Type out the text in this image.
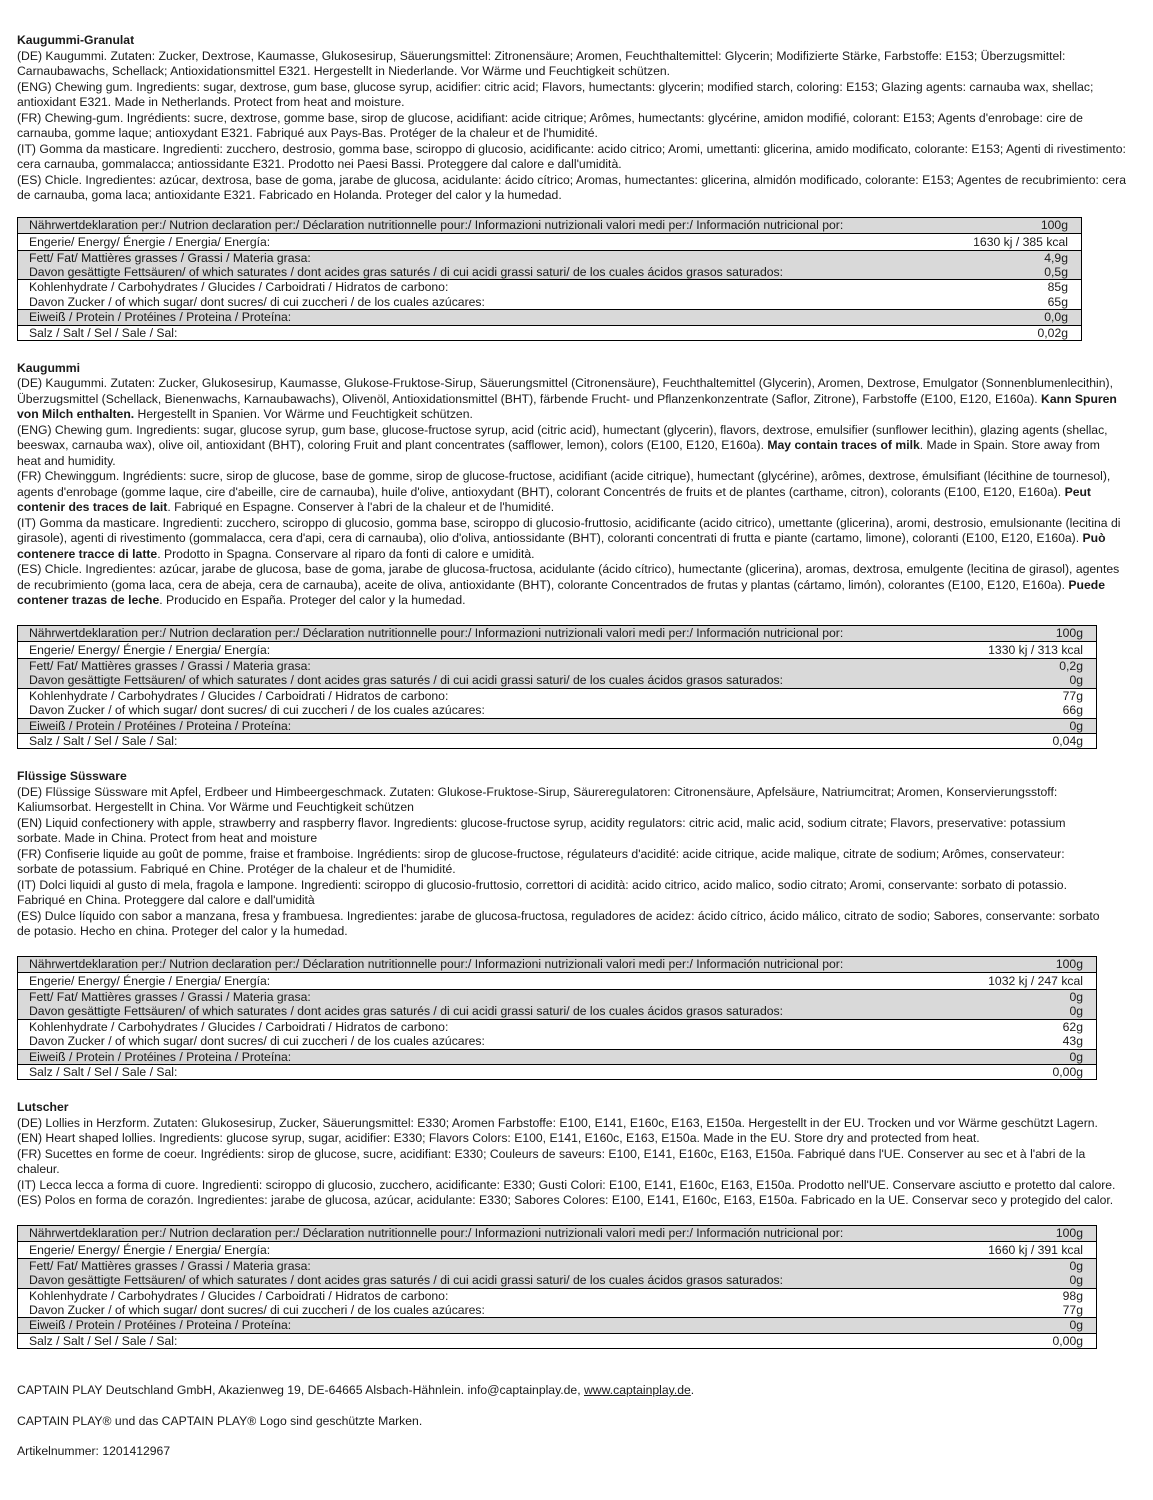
Kaugummi-Granulat

(DE) Kaugummi. Zutaten: Zucker, Dextrose, Kaumasse, Glukosesirup, Säuerungsmittel: Zitronensäure; Aromen, Feuchthaltemittel: Glycerin; Modifizierte Stärke, Farbstoffe: E153; Überzugsmittel: Carnaubawachs, Schellack; Antioxidationsmittel E321. Hergestellt in Niederlande. Vor Wärme und Feuchtigkeit schützen.

(ENG) Chewing gum. Ingredients: sugar, dextrose, gum base, glucose syrup, acidifier: citric acid; Flavors, humectants: glycerin; modified starch, coloring: E153; Glazing agents: carnauba wax, shellac; antioxidant E321. Made in Netherlands. Protect from heat and moisture.

(FR) Chewing-gum. Ingrédients: sucre, dextrose, gomme base, sirop de glucose, acidifiant: acide citrique; Arômes, humectants: glycérine, amidon modifié, colorant: E153; Agents d'enrobage: cire de carnauba, gomme laque; antioxydant E321. Fabriqué aux Pays-Bas. Protéger de la chaleur et de l'humidité.

(IT) Gomma da masticare. Ingredienti: zucchero, destrosio, gomma base, sciroppo di glucosio, acidificante: acido citrico; Aromi, umettanti: glicerina, amido modificato, colorante: E153; Agenti di rivestimento: cera carnauba, gommalacca; antiossidante E321. Prodotto nei Paesi Bassi. Proteggere dal calore e dall'umidità.

(ES) Chicle. Ingredientes: azúcar, dextrosa, base de goma, jarabe de glucosa, acidulante: ácido cítrico; Aromas, humectantes: glicerina, almidón modificado, colorante: E153; Agentes de recubrimiento: cera de carnauba, goma laca; antioxidante E321. Fabricado en Holanda. Proteger del calor y la humedad.

Nährwertdeklaration per:/ Nutrion declaration per:/ Déclaration nutritionnelle pour:/ Informazioni nutrizionali valori medi per:/ Información nutricional por:	100g
Engerie/ Energy/ Énergie / Energia/ Energía:	1630 kj / 385 kcal
Fett/ Fat/ Mattières grasses / Grassi / Materia grasa:	4,9g
Davon gesättigte Fettsäuren/ of which saturates / dont acides gras saturés / di cui acidi grassi saturi/ de los cuales ácidos grasos saturados:	0,5g
Kohlenhydrate / Carbohydrates / Glucides / Carboidrati / Hidratos de carbono:	85g
Davon Zucker / of which sugar/ dont sucres/ di cui zuccheri / de los cuales azúcares:	65g
Eiweiß / Protein / Protéines / Proteina / Proteína:	0,0g
Salz / Salt / Sel / Sale / Sal:	0,02g

Kaugummi

(DE) Kaugummi. Zutaten: Zucker, Glukosesirup, Kaumasse, Glukose-Fruktose-Sirup, Säuerungsmittel (Citronensäure), Feuchthaltemittel (Glycerin), Aromen, Dextrose, Emulgator (Sonnenblumenlecithin), Überzugsmittel (Schellack, Bienenwachs, Karnaubawachs), Olivenöl, Antioxidationsmittel (BHT), färbende Frucht- und Pflanzenkonzentrate (Saflor, Zitrone), Farbstoffe (E100, E120, E160a). Kann Spuren von Milch enthalten. Hergestellt in Spanien. Vor Wärme und Feuchtigkeit schützen.

(ENG) Chewing gum. Ingredients: sugar, glucose syrup, gum base, glucose-fructose syrup, acid (citric acid), humectant (glycerin), flavors, dextrose, emulsifier (sunflower lecithin), glazing agents (shellac, beeswax, carnauba wax), olive oil, antioxidant (BHT), coloring Fruit and plant concentrates (safflower, lemon), colors (E100, E120, E160a). May contain traces of milk. Made in Spain. Store away from heat and humidity.

(FR) Chewinggum. Ingrédients: sucre, sirop de glucose, base de gomme, sirop de glucose-fructose, acidifiant (acide citrique), humectant (glycérine), arômes, dextrose, émulsifiant (lécithine de tournesol), agents d'enrobage (gomme laque, cire d'abeille, cire de carnauba), huile d'olive, antioxydant (BHT), colorant Concentrés de fruits et de plantes (carthame, citron), colorants (E100, E120, E160a). Peut contenir des traces de lait. Fabriqué en Espagne. Conserver à l'abri de la chaleur et de l'humidité.

(IT) Gomma da masticare. Ingredienti: zucchero, sciroppo di glucosio, gomma base, sciroppo di glucosio-fruttosio, acidificante (acido citrico), umettante (glicerina), aromi, destrosio, emulsionante (lecitina di girasole), agenti di rivestimento (gommalacca, cera d'api, cera di carnauba), olio d'oliva, antiossidante (BHT), coloranti concentrati di frutta e piante (cartamo, limone), coloranti (E100, E120, E160a). Può contenere tracce di latte. Prodotto in Spagna. Conservare al riparo da fonti di calore e umidità.

(ES) Chicle. Ingredientes: azúcar, jarabe de glucosa, base de goma, jarabe de glucosa-fructosa, acidulante (ácido cítrico), humectante (glicerina), aromas, dextrosa, emulgente (lecitina de girasol), agentes de recubrimiento (goma laca, cera de abeja, cera de carnauba), aceite de oliva, antioxidante (BHT), colorante Concentrados de frutas y plantas (cártamo, limón), colorantes (E100, E120, E160a). Puede contener trazas de leche. Producido en España. Proteger del calor y la humedad.

Nährwertdeklaration per:/ Nutrion declaration per:/ Déclaration nutritionnelle pour:/ Informazioni nutrizionali valori medi per:/ Información nutricional por:	100g
Engerie/ Energy/ Énergie / Energia/ Energía:	1330 kj / 313 kcal
Fett/ Fat/ Mattières grasses / Grassi / Materia grasa:	0,2g
Davon gesättigte Fettsäuren/ of which saturates / dont acides gras saturés / di cui acidi grassi saturi/ de los cuales ácidos grasos saturados:	0g
Kohlenhydrate / Carbohydrates / Glucides / Carboidrati / Hidratos de carbono:	77g
Davon Zucker / of which sugar/ dont sucres/ di cui zuccheri / de los cuales azúcares:	66g
Eiweiß / Protein / Protéines / Proteina / Proteína:	0g
Salz / Salt / Sel / Sale / Sal:	0,04g

Flüssige Süssware

(DE) Flüssige Süssware mit Apfel, Erdbeer und Himbeergeschmack. Zutaten: Glukose-Fruktose-Sirup, Säureregulatoren: Citronensäure, Apfelsäure, Natriumcitrat; Aromen, Konservierungsstoff: Kaliumsorbat. Hergestellt in China. Vor Wärme und Feuchtigkeit schützen

(EN) Liquid confectionery with apple, strawberry and raspberry flavor. Ingredients: glucose-fructose syrup, acidity regulators: citric acid, malic acid, sodium citrate; Flavors, preservative: potassium sorbate. Made in China. Protect from heat and moisture

(FR) Confiserie liquide au goût de pomme, fraise et framboise. Ingrédients: sirop de glucose-fructose, régulateurs d'acidité: acide citrique, acide malique, citrate de sodium; Arômes, conservateur: sorbate de potassium. Fabriqué en Chine. Protéger de la chaleur et de l'humidité.

(IT) Dolci liquidi al gusto di mela, fragola e lampone. Ingredienti: sciroppo di glucosio-fruttosio, correttori di acidità: acido citrico, acido malico, sodio citrato; Aromi, conservante: sorbato di potassio. Fabriqué en China. Proteggere dal calore e dall'umidità

(ES) Dulce líquido con sabor a manzana, fresa y frambuesa. Ingredientes: jarabe de glucosa-fructosa, reguladores de acidez: ácido cítrico, ácido málico, citrato de sodio; Sabores, conservante: sorbato de potasio. Hecho en china. Proteger del calor y la humedad.

Nährwertdeklaration per:/ Nutrion declaration per:/ Déclaration nutritionnelle pour:/ Informazioni nutrizionali valori medi per:/ Información nutricional por:	100g
Engerie/ Energy/ Énergie / Energia/ Energía:	1032 kj / 247 kcal
Fett/ Fat/ Mattières grasses / Grassi / Materia grasa:	0g
Davon gesättigte Fettsäuren/ of which saturates / dont acides gras saturés / di cui acidi grassi saturi/ de los cuales ácidos grasos saturados:	0g
Kohlenhydrate / Carbohydrates / Glucides / Carboidrati / Hidratos de carbono:	62g
Davon Zucker / of which sugar/ dont sucres/ di cui zuccheri / de los cuales azúcares:	43g
Eiweiß / Protein / Protéines / Proteina / Proteína:	0g
Salz / Salt / Sel / Sale / Sal:	0,00g

Lutscher

(DE) Lollies in Herzform. Zutaten: Glukosesirup, Zucker, Säuerungsmittel: E330; Aromen Farbstoffe: E100, E141, E160c, E163, E150a. Hergestellt in der EU. Trocken und vor Wärme geschützt Lagern.

(EN) Heart shaped lollies. Ingredients: glucose syrup, sugar, acidifier: E330; Flavors Colors: E100, E141, E160c, E163, E150a. Made in the EU. Store dry and protected from heat.

(FR) Sucettes en forme de coeur. Ingrédients: sirop de glucose, sucre, acidifiant: E330; Couleurs de saveurs: E100, E141, E160c, E163, E150a. Fabriqué dans l'UE. Conserver au sec et à l'abri de la chaleur.

(IT) Lecca lecca a forma di cuore. Ingredienti: sciroppo di glucosio, zucchero, acidificante: E330; Gusti Colori: E100, E141, E160c, E163, E150a. Prodotto nell'UE. Conservare asciutto e protetto dal calore.

(ES) Polos en forma de corazón. Ingredientes: jarabe de glucosa, azúcar, acidulante: E330; Sabores Colores: E100, E141, E160c, E163, E150a. Fabricado en la UE. Conservar seco y protegido del calor.

Nährwertdeklaration per:/ Nutrion declaration per:/ Déclaration nutritionnelle pour:/ Informazioni nutrizionali valori medi per:/ Información nutricional por:	100g
Engerie/ Energy/ Énergie / Energia/ Energía:	1660 kj / 391 kcal
Fett/ Fat/ Mattières grasses / Grassi / Materia grasa:	0g
Davon gesättigte Fettsäuren/ of which saturates / dont acides gras saturés / di cui acidi grassi saturi/ de los cuales ácidos grasos saturados:	0g
Kohlenhydrate / Carbohydrates / Glucides / Carboidrati / Hidratos de carbono:	98g
Davon Zucker / of which sugar/ dont sucres/ di cui zuccheri / de los cuales azúcares:	77g
Eiweiß / Protein / Protéines / Proteina / Proteína:	0g
Salz / Salt / Sel / Sale / Sal:	0,00g

CAPTAIN PLAY Deutschland GmbH, Akazienweg 19, DE-64665 Alsbach-Hähnlein. info@captainplay.de, www.captainplay.de.

CAPTAIN PLAY® und das CAPTAIN PLAY® Logo sind geschützte Marken.

Artikelnummer: 1201412967
